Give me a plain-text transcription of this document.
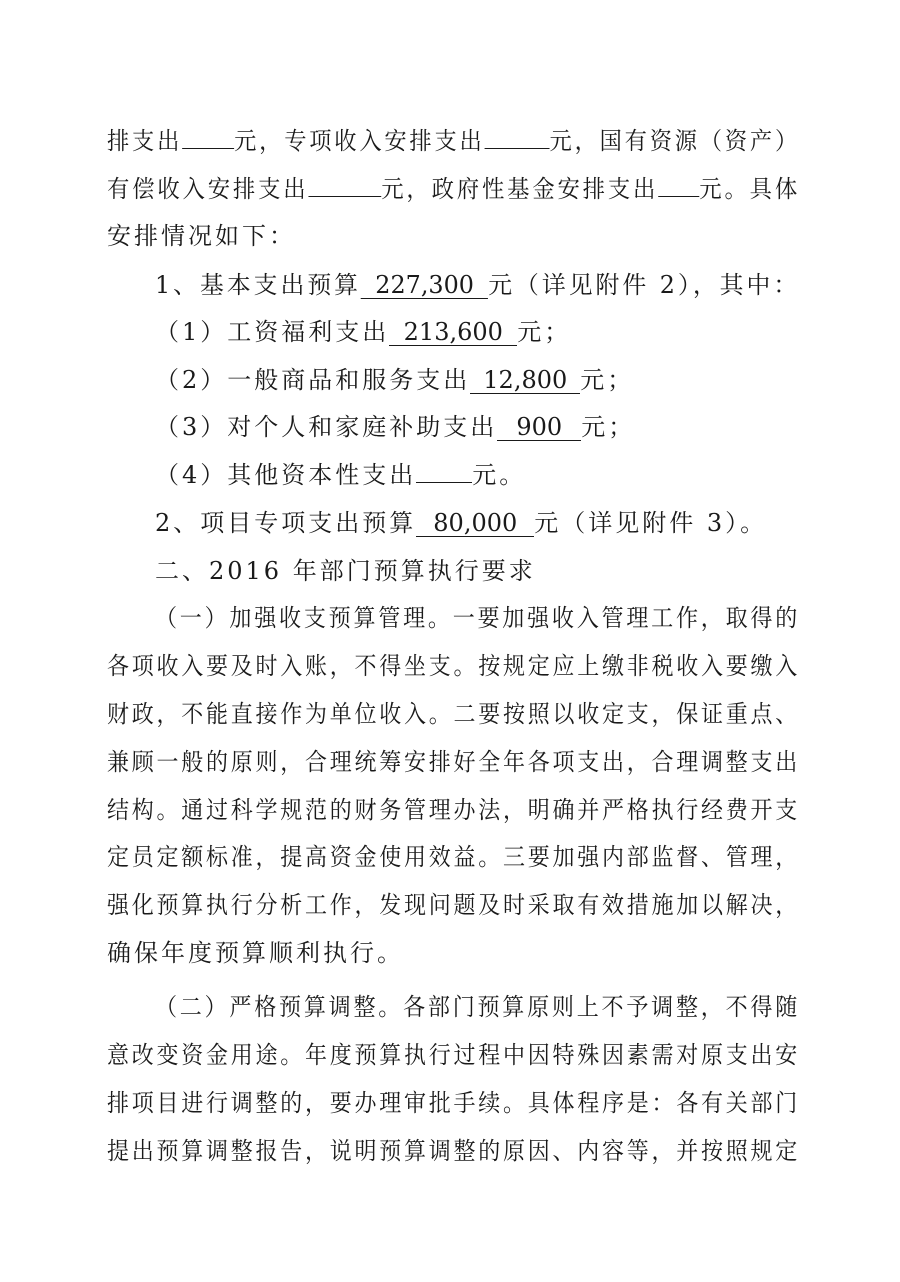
排支出 元，专项收入安排支出	元，国有资源（资产）
有偿收入安排支出	元，政府性基金安排支出 元。具体
安排情况如下：
1、基本支出预算 227,300 元（详见附件 2），其中：
（1）工资福利支出 213,600 元；
（2）一般商品和服务支出 12,800 元；
（3）对个人和家庭补助支出 900 元；
（4）其他资本性支出 元。
2、项目专项支出预算 80,000 元（详见附件 3）。
二、2016 年部门预算执行要求
（一）加强收支预算管理。一要加强收入管理工作，取得的
各项收入要及时入账，不得坐支。按规定应上缴非税收入要缴入
财政，不能直接作为单位收入。二要按照以收定支，保证重点、
兼顾一般的原则，合理统筹安排好全年各项支出，合理调整支出
结构。通过科学规范的财务管理办法，明确并严格执行经费开支
定员定额标准，提高资金使用效益。三要加强内部监督、管理，
强化预算执行分析工作，发现问题及时采取有效措施加以解决，
确保年度预算顺利执行。
（二）严格预算调整。各部门预算原则上不予调整，不得随
意改变资金用途。年度预算执行过程中因特殊因素需对原支出安
排项目进行调整的，要办理审批手续。具体程序是：各有关部门
提出预算调整报告，说明预算调整的原因、内容等，并按照规定
